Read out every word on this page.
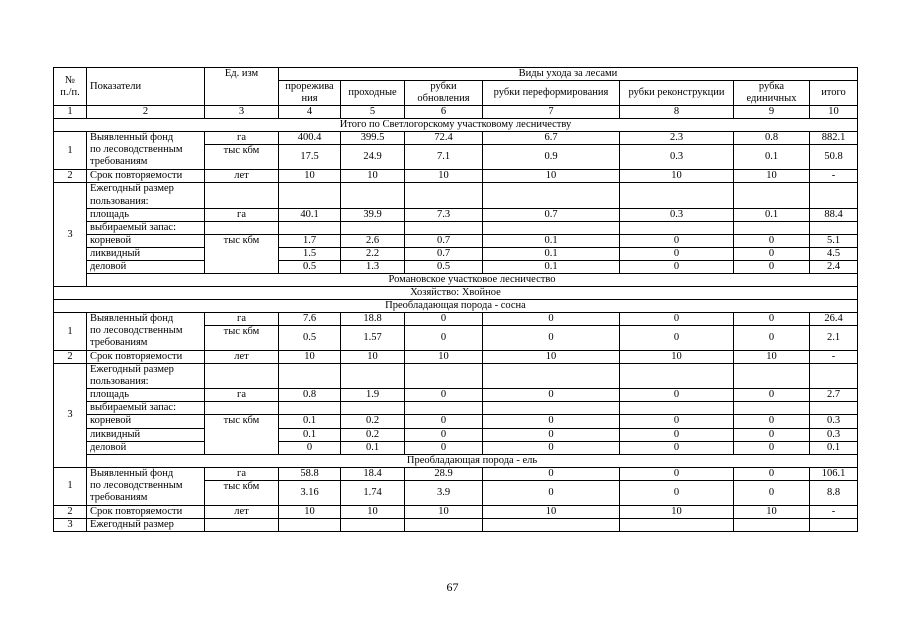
№
п./п.	Показатели	Ед. изм	Виды ухода за лесами						
			прорежива ния	проходные	рубки обновления	рубки переформирования	рубки реконструкции	рубка единичных	итого
1	2	3	4	5	6	7	8	9	10
Итого по Светлогорскому участковому лесничеству									
1	Выявленный фонд
по лесоводственным
требованиям	га	400.4	399.5	72.4	6.7	2.3	0.8	882.1
		тыс кбм	17.5	24.9	7.1	0.9	0.3	0.1	50.8
2	Срок повторяемости	лет	10	10	10	10	10	10	-
3	Ежегодный размер
пользования:								
	площадь	га	40.1	39.9	7.3	0.7	0.3	0.1	88.4
	выбираемый запас:								
	корневой	тыс кбм	1.7	2.6	0.7	0.1	0	0	5.1
	ликвидный		1.5	2.2	0.7	0.1	0	0	4.5
	деловой		0.5	1.3	0.5	0.1	0	0	2.4
	Романовское участковое лесничество								
Хозяйство: Хвойное									
Преобладающая порода - сосна									
1	Выявленный фонд
по лесоводственным
требованиям	га	7.6	18.8	0	0	0	0	26.4
		тыс кбм	0.5	1.57	0	0	0	0	2.1
2	Срок повторяемости	лет	10	10	10	10	10	10	-
3	Ежегодный размер
пользования:								
	площадь	га	0.8	1.9	0	0	0	0	2.7
	выбираемый запас:								
	корневой	тыс кбм	0.1	0.2	0	0	0	0	0.3
	ликвидный		0.1	0.2	0	0	0	0	0.3
	деловой		0	0.1	0	0	0	0	0.1
	Преобладающая порода - ель								
1	Выявленный фонд
по лесоводственным
требованиям	га	58.8	18.4	28.9	0	0	0	106.1
		тыс кбм	3.16	1.74	3.9	0	0	0	8.8
2	Срок повторяемости	лет	10	10	10	10	10	10	-
3	Ежегодный размер								
67
